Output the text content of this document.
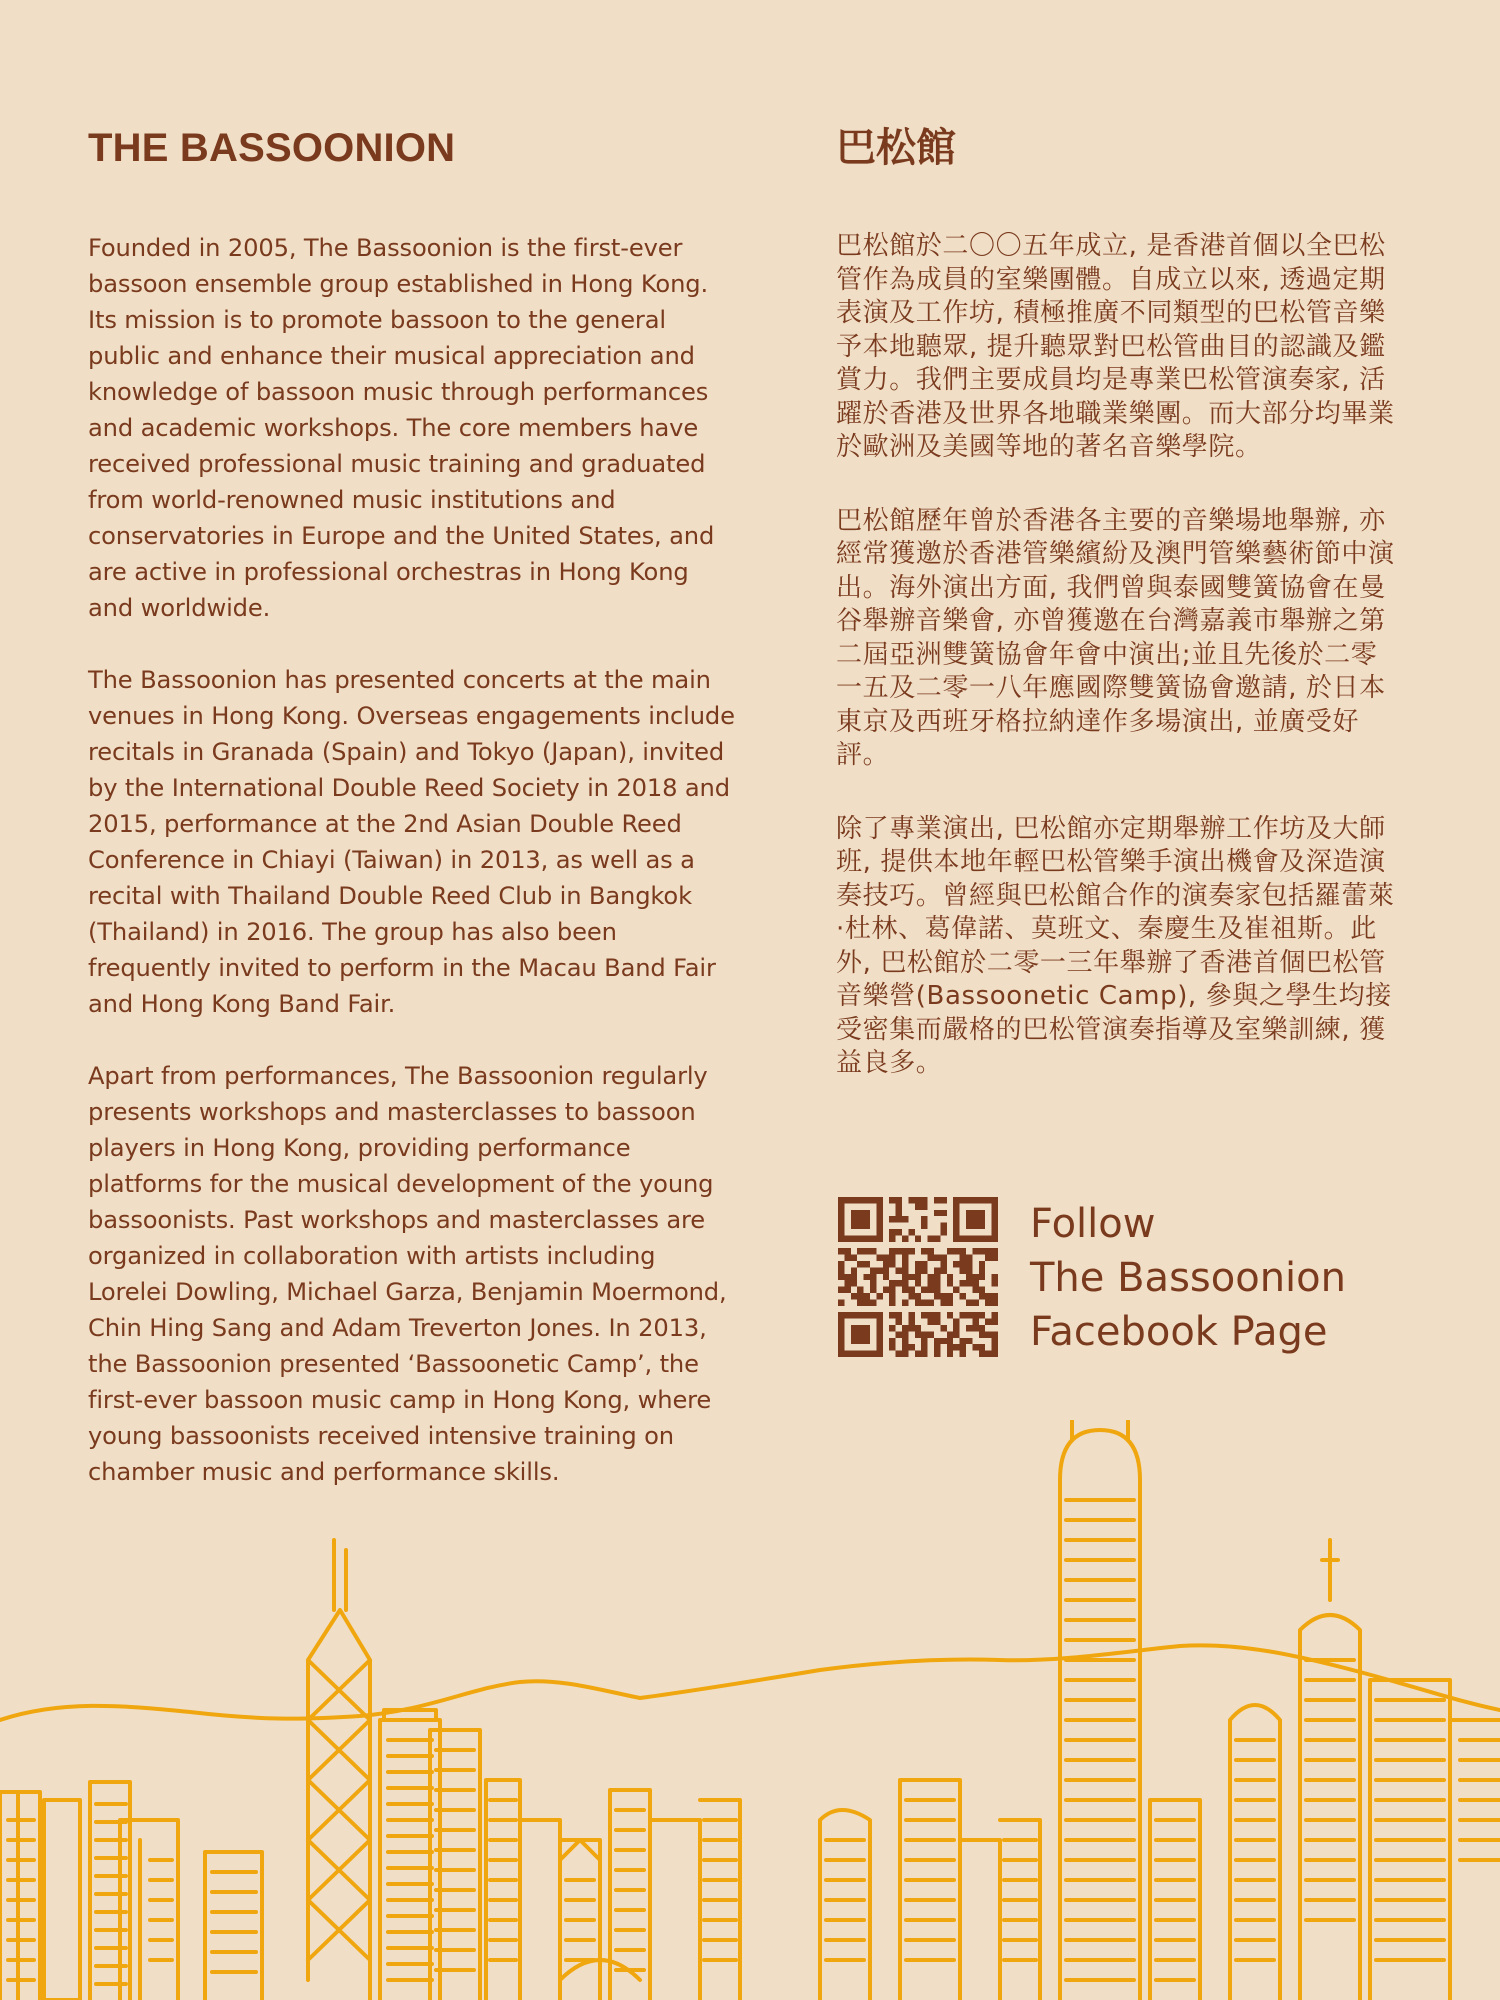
THE BASSOONION

Founded in 2005, The Bassoonion is the first-ever bassoon ensemble group established in Hong Kong. Its mission is to promote bassoon to the general public and enhance their musical appreciation and knowledge of bassoon music through performances and academic workshops. The core members have received professional music training and graduated from world-renowned music institutions and conservatories in Europe and the United States, and are active in professional orchestras in Hong Kong and worldwide.

The Bassoonion has presented concerts at the main venues in Hong Kong. Overseas engagements include recitals in Granada (Spain) and Tokyo (Japan), invited by the International Double Reed Society in 2018 and 2015, performance at the 2nd Asian Double Reed Conference in Chiayi (Taiwan) in 2013, as well as a recital with Thailand Double Reed Club in Bangkok (Thailand) in 2016. The group has also been frequently invited to perform in the Macau Band Fair and Hong Kong Band Fair.

Apart from performances, The Bassoonion regularly presents workshops and masterclasses to bassoon players in Hong Kong, providing performance platforms for the musical development of the young bassoonists. Past workshops and masterclasses are organized in collaboration with artists including Lorelei Dowling, Michael Garza, Benjamin Moermond, Chin Hing Sang and Adam Treverton Jones. In 2013, the Bassoonion presented ‘Bassoonetic Camp’, the first-ever bassoon music camp in Hong Kong, where young bassoonists received intensive training on chamber music and performance skills.

巴松館

巴松館於二〇〇五年成立, 是香港首個以全巴松管作為成員的室樂團體。自成立以來, 透過定期表演及工作坊, 積極推廣不同類型的巴松管音樂予本地聽眾, 提升聽眾對巴松管曲目的認識及鑑賞力。我們主要成員均是專業巴松管演奏家, 活躍於香港及世界各地職業樂團。而大部分均畢業於歐洲及美國等地的著名音樂學院。

巴松館歷年曾於香港各主要的音樂場地舉辦, 亦經常獲邀於香港管樂繽紛及澳門管樂藝術節中演出。海外演出方面, 我們曾與泰國雙簧協會在曼谷舉辦音樂會, 亦曾獲邀在台灣嘉義市舉辦之第二屆亞洲雙簧協會年會中演出;並且先後於二零一五及二零一八年應國際雙簧協會邀請, 於日本東京及西班牙格拉納達作多場演出, 並廣受好評。

除了專業演出, 巴松館亦定期舉辦工作坊及大師班, 提供本地年輕巴松管樂手演出機會及深造演奏技巧。曾經與巴松館合作的演奏家包括羅蕾萊·杜林、葛偉諾、莫班文、秦慶生及崔祖斯。此外, 巴松館於二零一三年舉辦了香港首個巴松管音樂營(Bassoonetic Camp), 參與之學生均接受密集而嚴格的巴松管演奏指導及室樂訓練, 獲益良多。

Follow
The Bassoonion
Facebook Page
